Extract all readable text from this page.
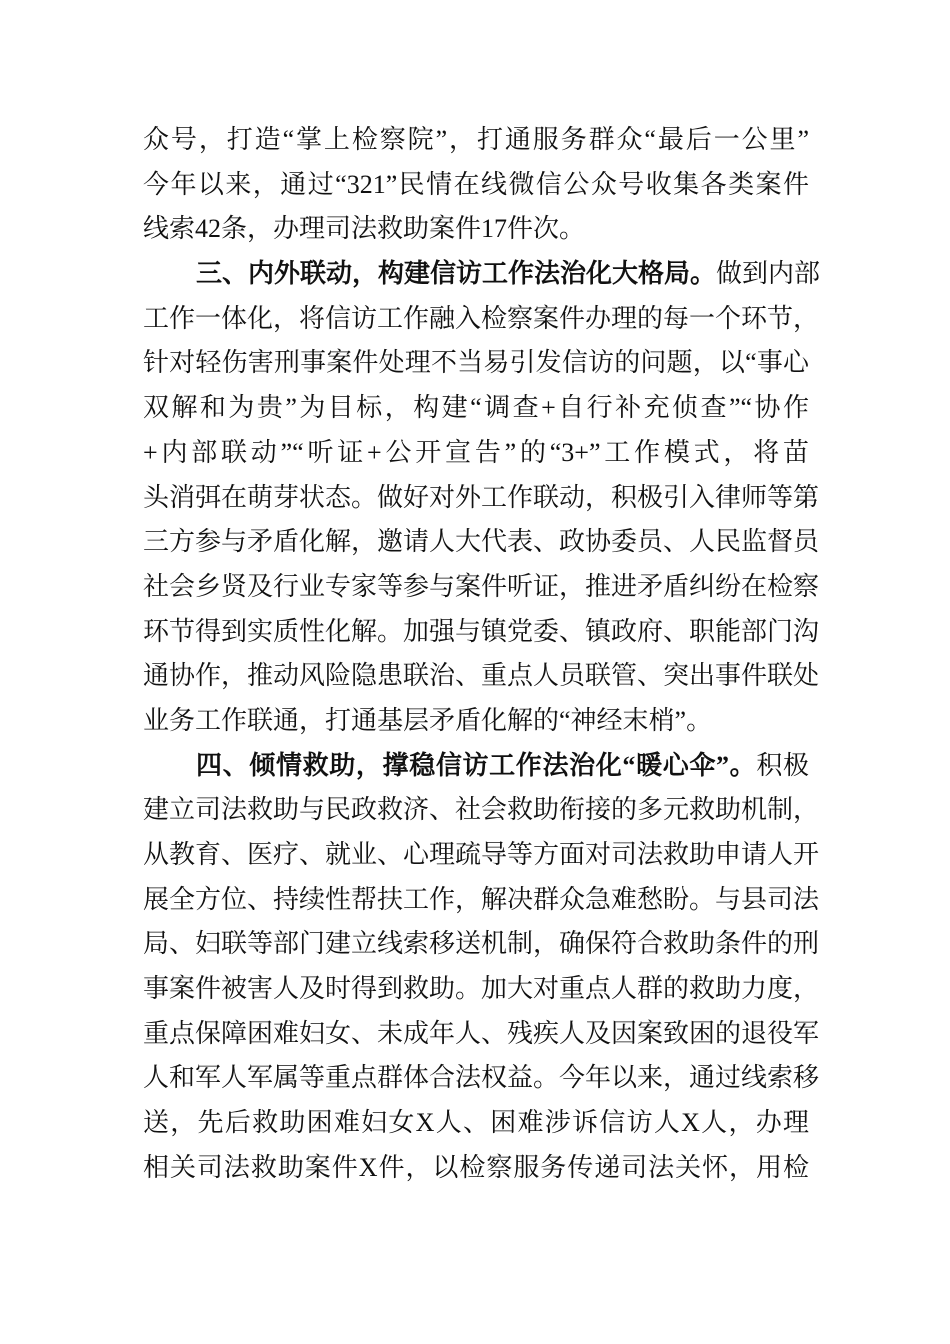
众号，打造“掌上检察院”，打通服务群众“最后一公里”
今年以来，通过“321”民情在线微信公众号收集各类案件
线索42条，办理司法救助案件17件次。
三、内外联动，构建信访工作法治化大格局。做到内部
工作一体化，将信访工作融入检察案件办理的每一个环节，
针对轻伤害刑事案件处理不当易引发信访的问题，以“事心
双解和为贵”为目标，构建“调查+自行补充侦查”“协作
+内部联动”“听证+公开宣告”的“3+”工作模式，将苗
头消弭在萌芽状态。做好对外工作联动，积极引入律师等第
三方参与矛盾化解，邀请人大代表、政协委员、人民监督员
社会乡贤及行业专家等参与案件听证，推进矛盾纠纷在检察
环节得到实质性化解。加强与镇党委、镇政府、职能部门沟
通协作，推动风险隐患联治、重点人员联管、突出事件联处
业务工作联通，打通基层矛盾化解的“神经末梢”。
四、倾情救助，撑稳信访工作法治化“暖心伞”。积极
建立司法救助与民政救济、社会救助衔接的多元救助机制，
从教育、医疗、就业、心理疏导等方面对司法救助申请人开
展全方位、持续性帮扶工作，解决群众急难愁盼。与县司法
局、妇联等部门建立线索移送机制，确保符合救助条件的刑
事案件被害人及时得到救助。加大对重点人群的救助力度，
重点保障困难妇女、未成年人、残疾人及因案致困的退役军
人和军人军属等重点群体合法权益。今年以来，通过线索移
送，先后救助困难妇女X人、困难涉诉信访人X人，办理
相关司法救助案件X件，以检察服务传递司法关怀，用检
